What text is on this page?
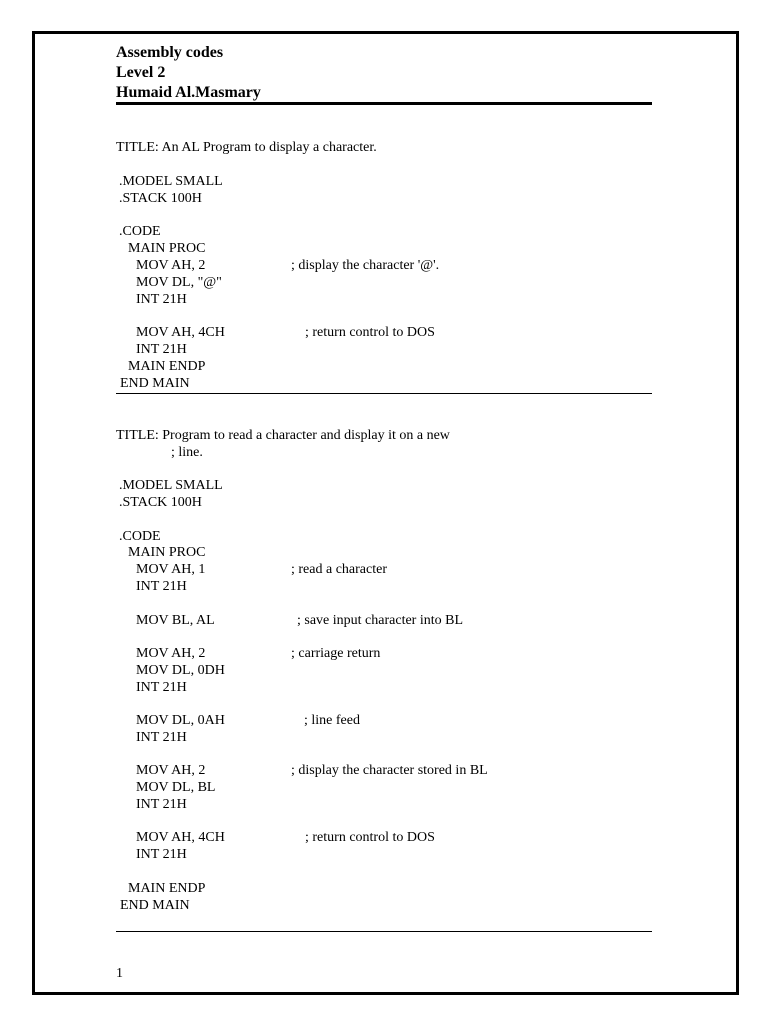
Assembly codes
Level 2
Humaid Al.Masmary
TITLE: An AL Program to display a character.
.MODEL SMALL
.STACK 100H
.CODE
MAIN PROC
MOV AH, 2	; display the character '@'.
MOV DL, "@"
INT 21H
MOV AH, 4CH	; return control to DOS
INT 21H
MAIN ENDP
END MAIN
TITLE: Program to read a character and display it on a new
; line.
.MODEL SMALL
.STACK 100H
.CODE
MAIN PROC
MOV AH, 1	; read a character
INT 21H
MOV BL, AL	; save input character into BL
MOV AH, 2	; carriage return
MOV DL, 0DH
INT 21H
MOV DL, 0AH	; line feed
INT 21H
MOV AH, 2	; display the character stored in BL
MOV DL, BL
INT 21H
MOV AH, 4CH	; return control to DOS
INT 21H
MAIN ENDP
END MAIN
1
